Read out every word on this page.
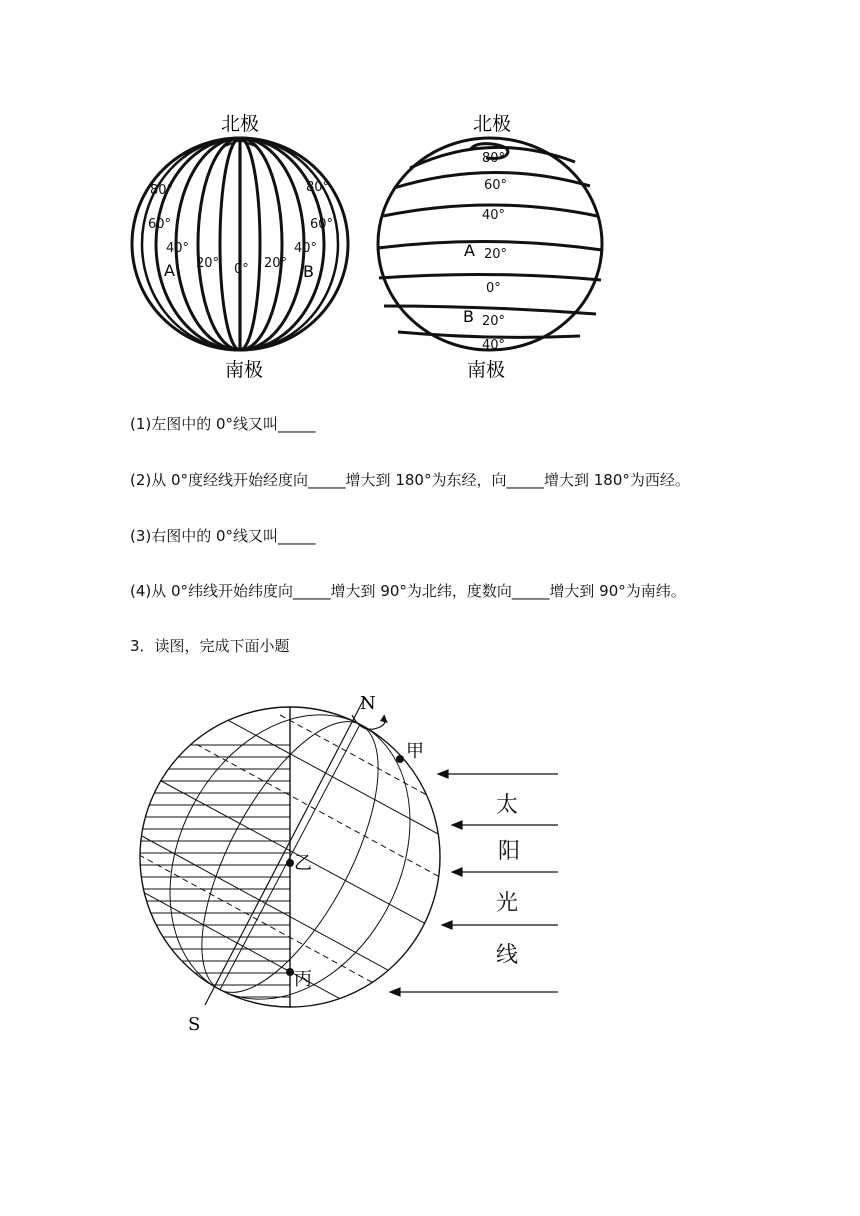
北极
南极
80°
60°
40°
20° 0° 20°
40°
60°
80°
A	B
北极
南极
80°
60°
40°
20°
0°
20°
40°
A
B
(1)左图中的 0°线又叫_____
(2)从 0°度经线开始经度向_____增大到 180°为东经，向_____增大到 180°为西经。
(3)右图中的 0°线又叫_____
(4)从 0°纬线开始纬度向_____增大到 90°为北纬，度数向_____增大到 90°为南纬。
3．读图，完成下面小题
N
S
甲
乙
丙
太
阳
光
线
